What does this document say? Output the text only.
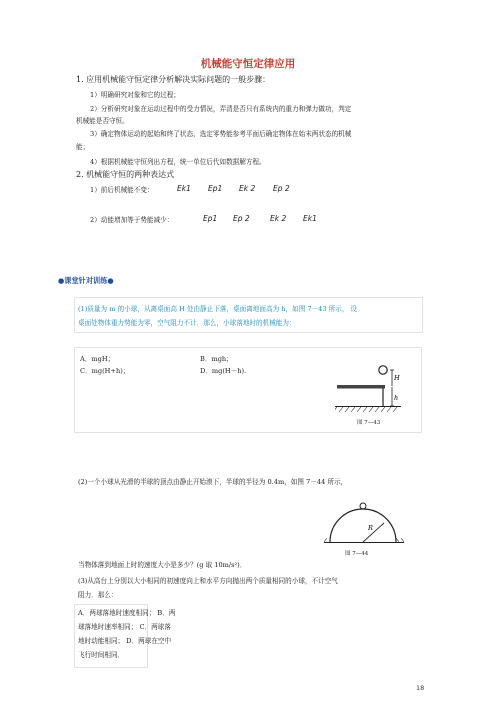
机械能守恒定律应用
1. 应用机械能守恒定律分析解决实际问题的一般步骤：
1）明确研究对象和它的过程；
2）分析研究对象在运动过程中的受力情况，弄清是否只有系统内的重力和弹力做功，判定
机械能是否守恒。
3）确定物体运动的起始和终了状态，选定零势能参考平面后确定物体在始末两状态的机械
能；
4）根据机械能守恒列出方程，统一单位后代如数据解方程。
2. 机械能守恒的两种表达式
1）前后机械能不变：	Ek1 Ep1 Ek 2 Ep 2
2）动能增加等于势能减少：	Ep1 Ep 2	Ek 2 Ek1
●课堂针对训练●
(1)质量为 m 的小球，从离桌面高 H 处由静止下落，桌面离地面高为 h，如图 7－43 所示， 设
桌面处物体重力势能为零，空气阻力不计．那么，小球落地时的机械能为：
A．mgH；	B．mgh；
C．mg(H+h)；	D．mg(H－h).
H
h
图 7—43
(2)一个小球从光滑的半球的顶点由静止开始滚下，半球的半径为 0.4m，如图 7－44 所示，
R
图 7—44
当物体落到地面上时的速度大小是多少？(g 取 10m/s²)．
(3)从高台上分别以大小相同的初速度向上和水平方向抛出两个质量相同的小球，不计空气
阻力．那么：
A．两球落地时速度相同； B．两
球落地时速率相同； C．两球落
地时动能相同； D．两球在空中
飞行时间相同．
18
